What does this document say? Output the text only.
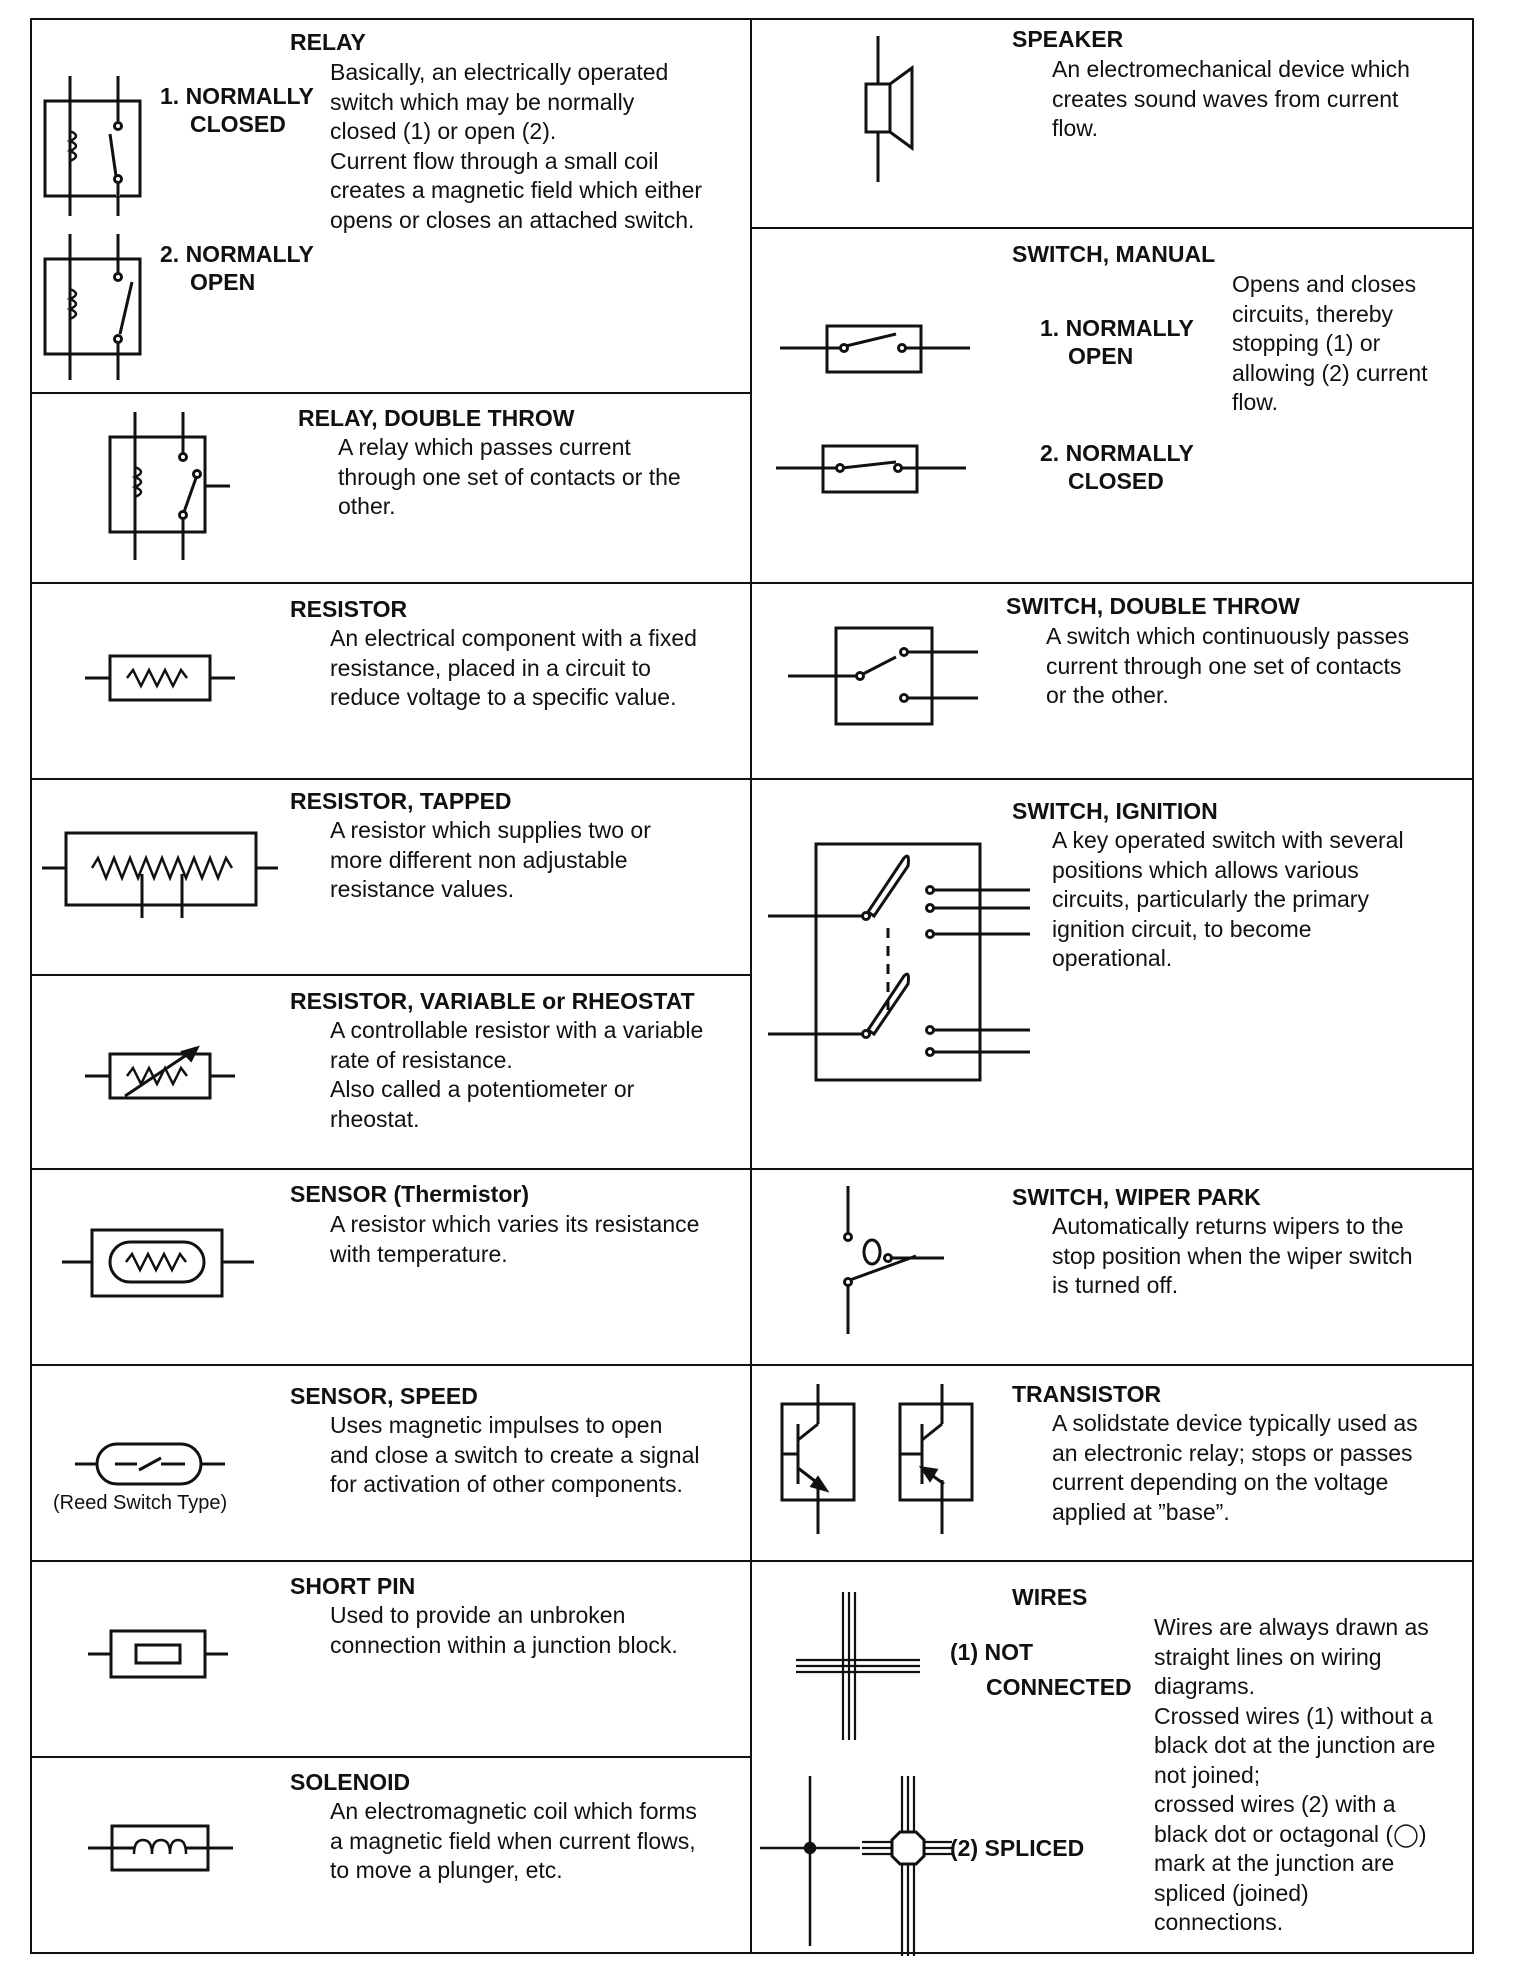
RELAY
1. NORMALLY
CLOSED
2. NORMALLY
OPEN
Basically, an electrically operated
switch which may be normally
closed (1) or open (2).
Current flow through a small coil
creates a magnetic field which either
opens or closes an attached switch.
RELAY, DOUBLE THROW
A relay which passes current
through one set of contacts or the
other.
RESISTOR
An electrical component with a fixed
resistance, placed in a circuit to
reduce voltage to a specific value.
RESISTOR, TAPPED
A resistor which supplies two or
more different non adjustable
resistance values.
RESISTOR, VARIABLE or RHEOSTAT
A controllable resistor with a variable
rate of resistance.
Also called a potentiometer or
rheostat.
SENSOR (Thermistor)
A resistor which varies its resistance
with temperature.
(Reed Switch Type)
SENSOR, SPEED
Uses magnetic impulses to open
and close a switch to create a signal
for activation of other components.
SHORT PIN
Used to provide an unbroken
connection within a junction block.
SOLENOID
An electromagnetic coil which forms
a magnetic field when current flows,
to move a plunger, etc.
SPEAKER
An electromechanical device which
creates sound waves from current
flow.
SWITCH, MANUAL
1. NORMALLY
OPEN
2. NORMALLY
CLOSED
Opens and closes
circuits, thereby
stopping (1) or
allowing (2) current
flow.
SWITCH, DOUBLE THROW
A switch which continuously passes
current through one set of contacts
or the other.
SWITCH, IGNITION
A key operated switch with several
positions which allows various
circuits, particularly the primary
ignition circuit, to become
operational.
SWITCH, WIPER PARK
Automatically returns wipers to the
stop position when the wiper switch
is turned off.
TRANSISTOR
A solidstate device typically used as
an electronic relay; stops or passes
current depending on the voltage
applied at ”base”.
WIRES
(1) NOT
CONNECTED
(2) SPLICED
Wires are always drawn as
straight lines on wiring
diagrams.
Crossed wires (1) without a
black dot at the junction are
not joined;
crossed wires (2) with a
black dot or octagonal (◯)
mark at the junction are
spliced (joined)
connections.
